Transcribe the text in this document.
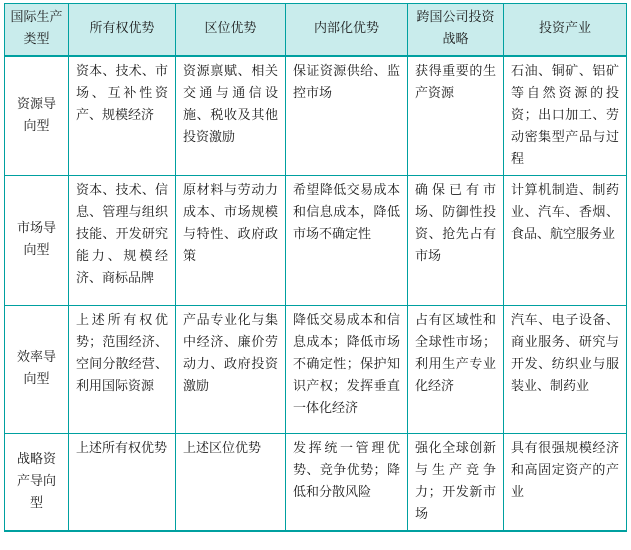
国际生产类型	所有权优势	区位优势	内部化优势	跨国公司投资战略	投资产业
资源导向型	资本、技术、市场、互补性资产、规模经济	资源禀赋、相关交通与通信设施、税收及其他投资激励	保证资源供给、监控市场	获得重要的生产资源	石油、铜矿、铝矿等自然资源的投资；出口加工、劳动密集型产品与过程
市场导向型	资本、技术、信息、管理与组织技能、开发研究能力、规模经济、商标品牌	原材料与劳动力成本、市场规模与特性、政府政策	希望降低交易成本和信息成本，降低市场不确定性	确保已有市场、防御性投资、抢先占有市场	计算机制造、制药业、汽车、香烟、食品、航空服务业
效率导向型	上述所有权优势；范围经济、空间分散经营、利用国际资源	产品专业化与集中经济、廉价劳动力、政府投资激励	降低交易成本和信息成本；降低市场不确定性；保护知识产权；发挥垂直一体化经济	占有区域性和全球性市场；利用生产专业化经济	汽车、电子设备、商业服务、研究与开发、纺织业与服装业、制药业
战略资产导向型	上述所有权优势	上述区位优势	发挥统一管理优势、竞争优势；降低和分散风险	强化全球创新与生产竞争力；开发新市场	具有很强规模经济和高固定资产的产业
